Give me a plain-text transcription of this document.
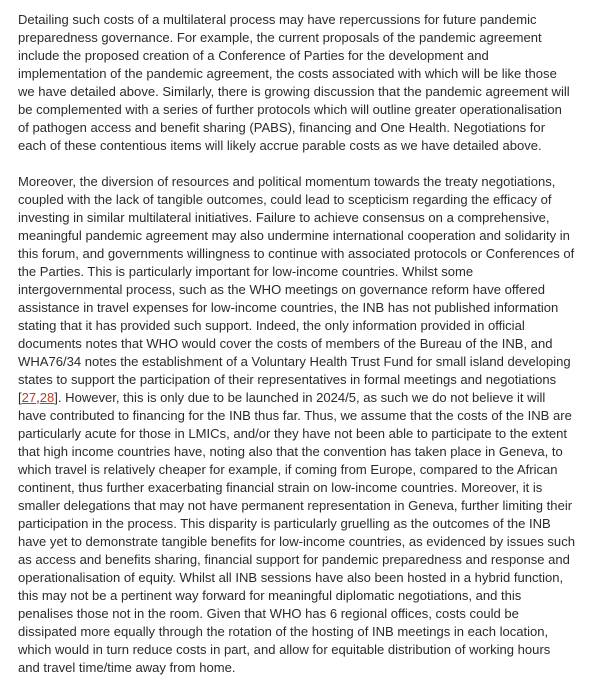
Detailing such costs of a multilateral process may have repercussions for future pandemic preparedness governance. For example, the current proposals of the pandemic agreement include the proposed creation of a Conference of Parties for the development and implementation of the pandemic agreement, the costs associated with which will be like those we have detailed above. Similarly, there is growing discussion that the pandemic agreement will be complemented with a series of further protocols which will outline greater operationalisation of pathogen access and benefit sharing (PABS), financing and One Health. Negotiations for each of these contentious items will likely accrue parable costs as we have detailed above.

Moreover, the diversion of resources and political momentum towards the treaty negotiations, coupled with the lack of tangible outcomes, could lead to scepticism regarding the efficacy of investing in similar multilateral initiatives. Failure to achieve consensus on a comprehensive, meaningful pandemic agreement may also undermine international cooperation and solidarity in this forum, and governments willingness to continue with associated protocols or Conferences of the Parties. This is particularly important for low-income countries. Whilst some intergovernmental process, such as the WHO meetings on governance reform have offered assistance in travel expenses for low-income countries, the INB has not published information stating that it has provided such support. Indeed, the only information provided in official documents notes that WHO would cover the costs of members of the Bureau of the INB, and WHA76/34 notes the establishment of a Voluntary Health Trust Fund for small island developing states to support the participation of their representatives in formal meetings and negotiations [27,28]. However, this is only due to be launched in 2024/5, as such we do not believe it will have contributed to financing for the INB thus far. Thus, we assume that the costs of the INB are particularly acute for those in LMICs, and/or they have not been able to participate to the extent that high income countries have, noting also that the convention has taken place in Geneva, to which travel is relatively cheaper for example, if coming from Europe, compared to the African continent, thus further exacerbating financial strain on low-income countries. Moreover, it is smaller delegations that may not have permanent representation in Geneva, further limiting their participation in the process. This disparity is particularly gruelling as the outcomes of the INB have yet to demonstrate tangible benefits for low-income countries, as evidenced by issues such as access and benefits sharing, financial support for pandemic preparedness and response and operationalisation of equity. Whilst all INB sessions have also been hosted in a hybrid function, this may not be a pertinent way forward for meaningful diplomatic negotiations, and this penalises those not in the room. Given that WHO has 6 regional offices, costs could be dissipated more equally through the rotation of the hosting of INB meetings in each location, which would in turn reduce costs in part, and allow for equitable distribution of working hours and travel time/time away from home.
